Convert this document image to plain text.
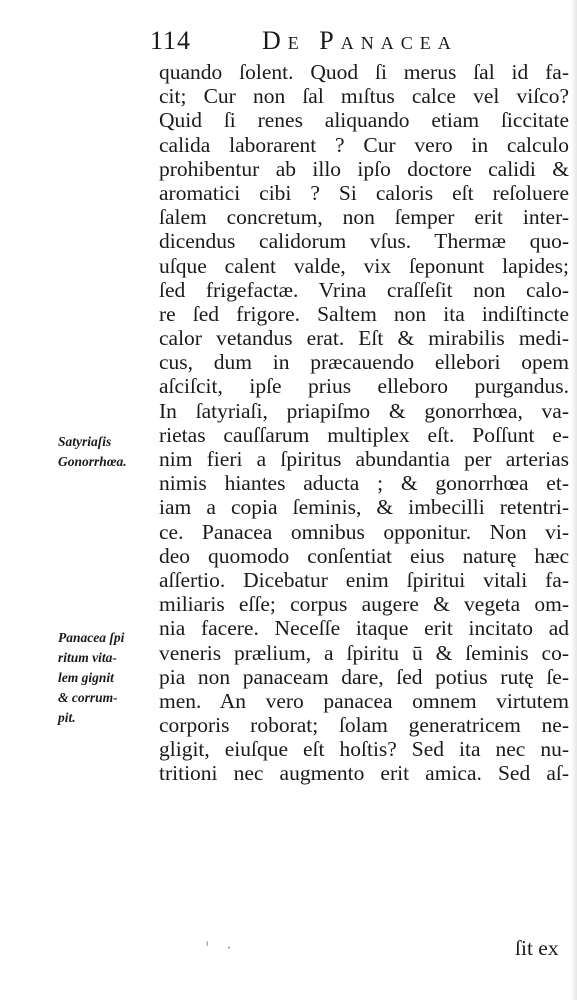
114	De Panacea
Satyriaſis
Gonorrhœa.
Panacea ſpi
ritum vita-
lem gignit
& corrum-
pit.
quando ſolent. Quod ſi merus ſal id fa-
cit; Cur non ſal mıſtus calce vel viſco?
Quid ſi renes aliquando etiam ſiccitate
calida laborarent ? Cur vero in calculo
prohibentur ab illo ipſo doctore calidi &
aromatici cibi ? Si caloris eſt reſoluere
ſalem concretum, non ſemper erit inter-
dicendus calidorum vſus. Thermæ quo-
uſque calent valde, vix ſeponunt lapides;
ſed frigefactæ. Vrina craſſeſit non calo-
re ſed frigore. Saltem non ita indiſtincte
calor vetandus erat. Eſt & mirabilis medi-
cus, dum in præcauendo ellebori opem
aſciſcit, ipſe prius elleboro purgandus.
In ſatyriaſi, priapiſmo & gonorrhœa, va-
rietas cauſſarum multiplex eſt. Poſſunt e-
nim fieri a ſpiritus abundantia per arterias
nimis hiantes aducta ; & gonorrhœa et-
iam a copia ſeminis, & imbecilli retentri-
ce. Panacea omnibus opponitur. Non vi-
deo quomodo conſentiat eius naturę hæc
aſſertio. Dicebatur enim ſpiritui vitali fa-
miliaris eſſe; corpus augere & vegeta om-
nia facere. Neceſſe itaque erit incitato ad
veneris prælium, a ſpiritu ū & ſeminis co-
pia non panaceam dare, ſed potius rutę ſe-
men. An vero panacea omnem virtutem
corporis roborat; ſolam generatricem ne-
gligit, eiuſque eſt hoſtis? Sed ita nec nu-
tritioni nec augmento erit amica. Sed aſ-
' ·	ſit ex
